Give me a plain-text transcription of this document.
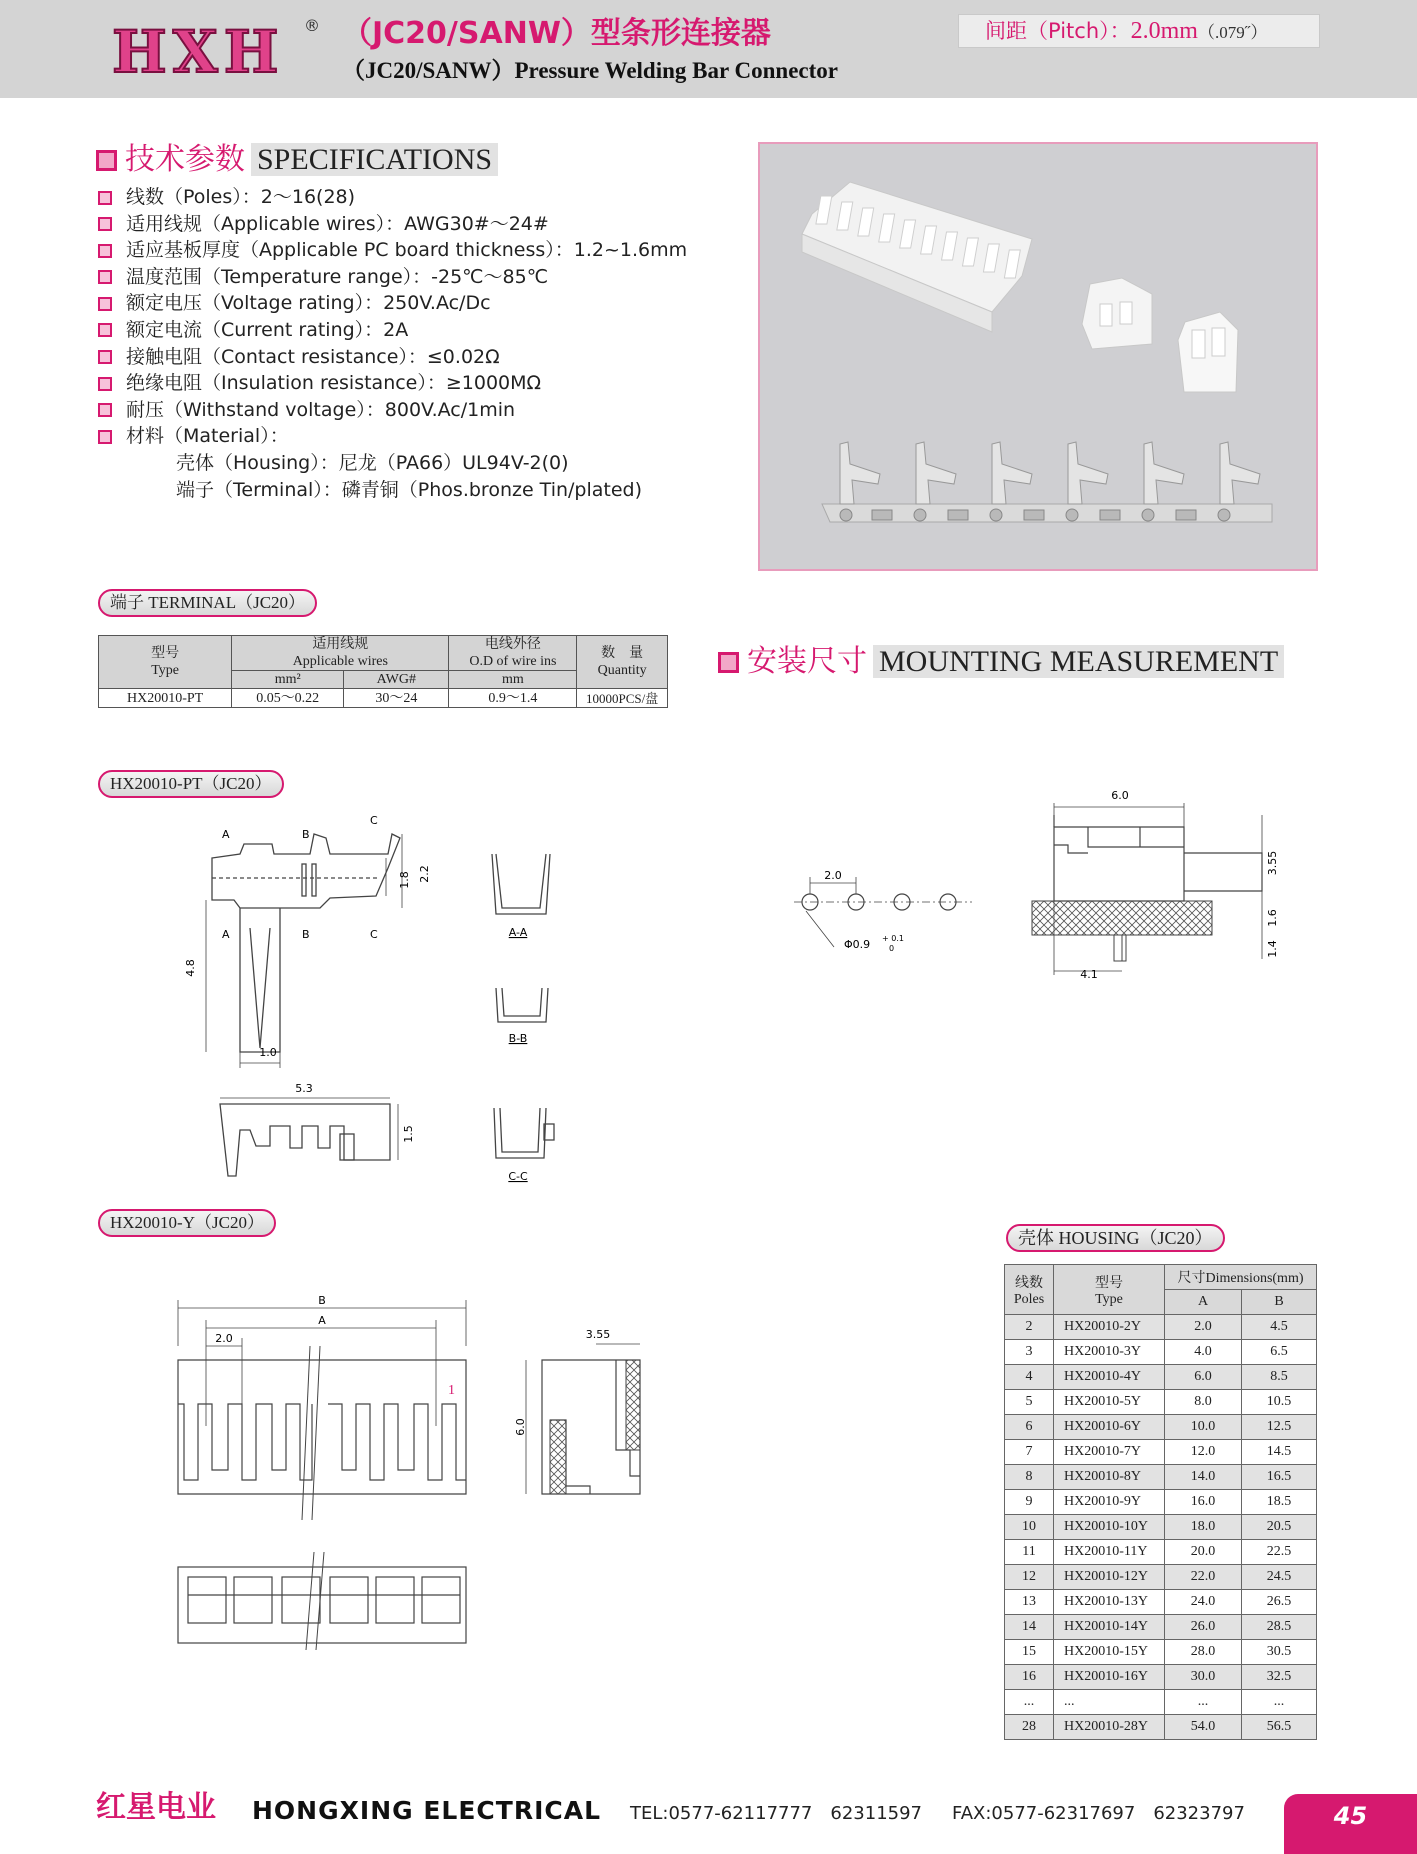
HXH ® （JC20/SANW）型条形连接器
（JC20/SANW）Pressure Welding Bar Connector
间距（Pitch）：2.0mm（.079˝）
技术参数 SPECIFICATIONS
线数（Poles）：2～16(28)
适用线规（Applicable wires）：AWG30#～24#
适应基板厚度（Applicable PC board thickness）：1.2~1.6mm
温度范围（Temperature range）：-25℃～85℃
额定电压（Voltage rating）：250V.Ac/Dc
额定电流（Current rating）：2A
接触电阻（Contact resistance）：≤0.02Ω
绝缘电阻（Insulation resistance）：≥1000MΩ
耐压（Withstand voltage）：800V.Ac/1min
材料（Material）：
壳体（Housing）：尼龙（PA66）UL94V-2(0)
端子（Terminal）：磷青铜（Phos.bronze Tin/plated)
端子 TERMINAL（JC20）
型号
Type	适用线规
Applicable wires		电线外径
O.D of wire ins	数　量
Quantity
	mm²	AWG#	mm	
HX20010-PT	0.05～0.22	30～24	0.9～1.4	10000PCS/盘
安装尺寸 MOUNTING MEASUREMENT
HX20010-PT（JC20）
4.8
1.0
1.8 2.2
A	B
C
A	B	C	A-A
B-B
C-C
5.3
1.5
2.0
Φ0.9 + 0.1
0
6.0
3.55
1.6
1.4
4.1
HX20010-Y（JC20）
B
A
2.0
1
3.55
6.0
壳体 HOUSING（JC20）
线数
Poles	型号
Type	尺寸Dimensions(mm)	
		A	B
2	HX20010-2Y	2.0	4.5
3	HX20010-3Y	4.0	6.5
4	HX20010-4Y	6.0	8.5
5	HX20010-5Y	8.0	10.5
6	HX20010-6Y	10.0	12.5
7	HX20010-7Y	12.0	14.5
8	HX20010-8Y	14.0	16.5
9	HX20010-9Y	16.0	18.5
10	HX20010-10Y	18.0	20.5
11	HX20010-11Y	20.0	22.5
12	HX20010-12Y	22.0	24.5
13	HX20010-13Y	24.0	26.5
14	HX20010-14Y	26.0	28.5
15	HX20010-15Y	28.0	30.5
16	HX20010-16Y	30.0	32.5
...	...	...	...
28	HX20010-28Y	54.0	56.5
红星电业 HONGXING ELECTRICAL TEL:0577-62117777　62311597 FAX:0577-62317697　62323797	45
